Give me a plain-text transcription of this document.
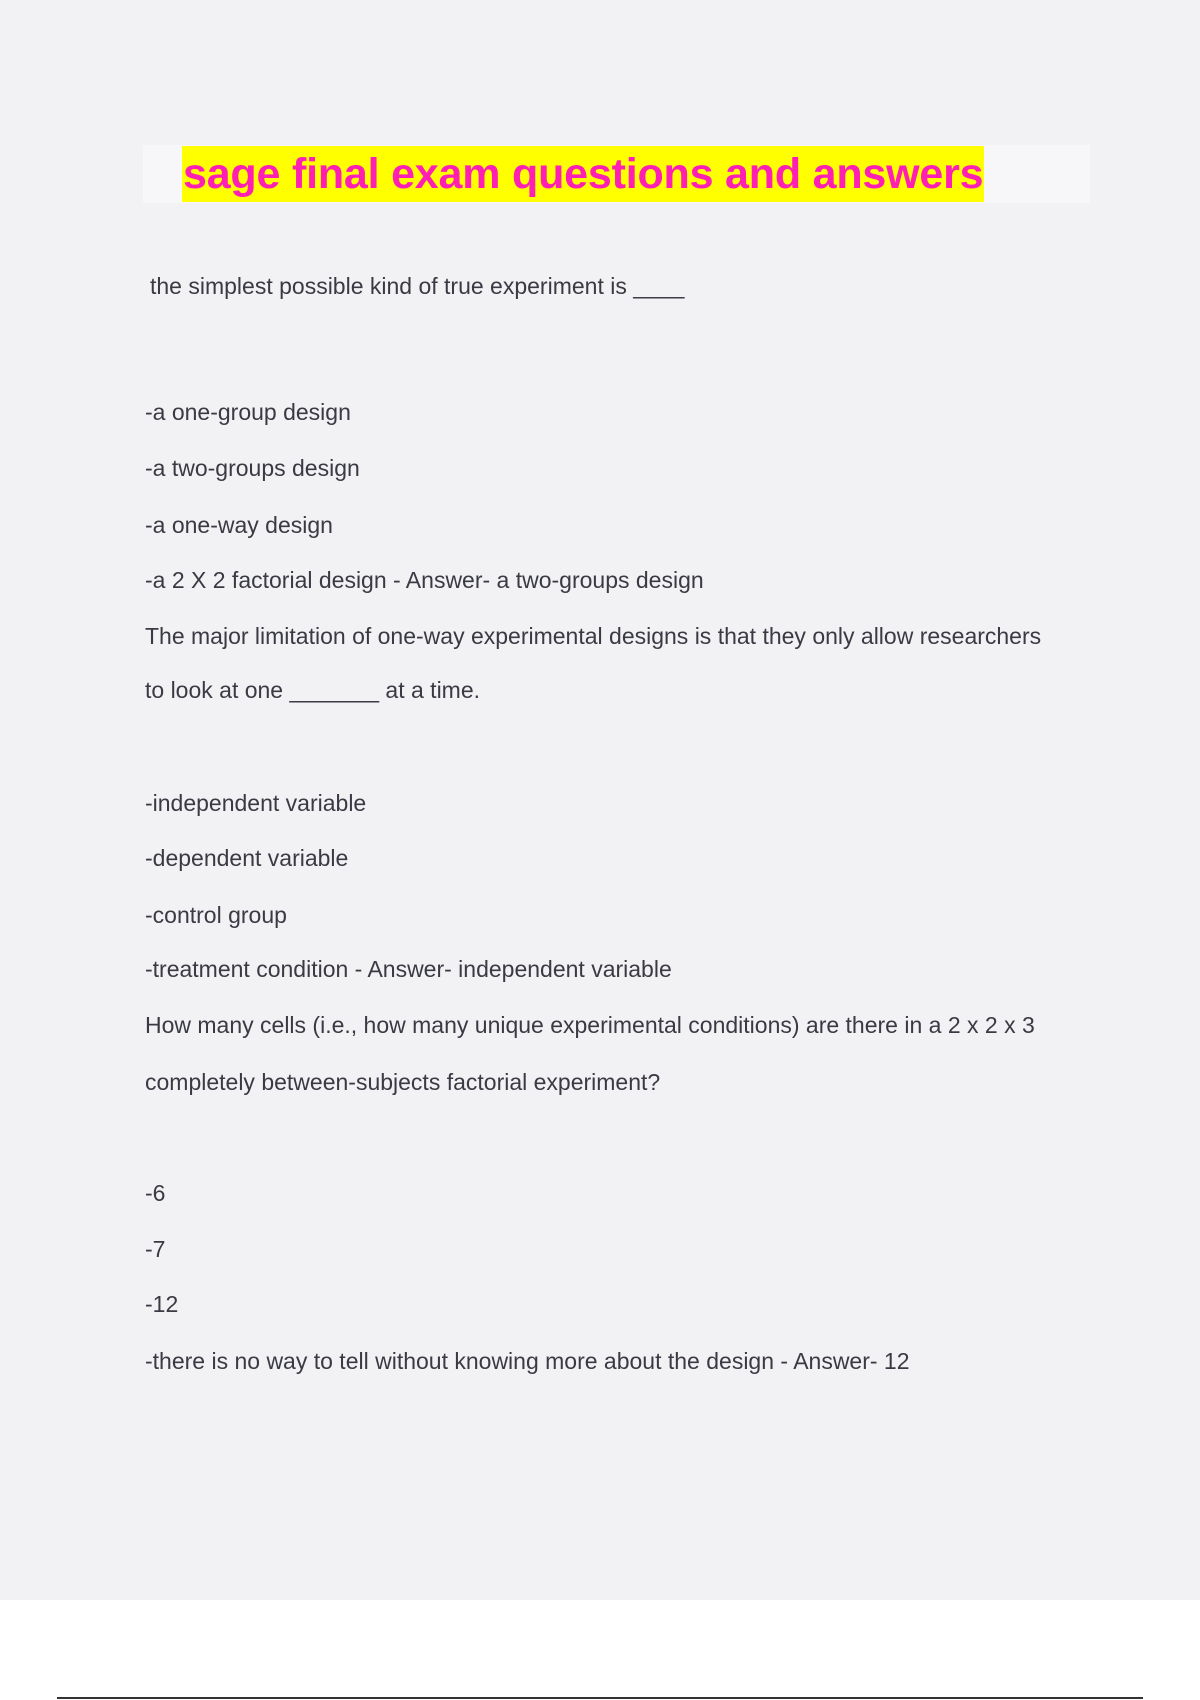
sage final exam questions and answers

the simplest possible kind of true experiment is ____

-a one-group design

-a two-groups design

-a one-way design

-a 2 X 2 factorial design - Answer- a two-groups design

The major limitation of one-way experimental designs is that they only allow researchers

to look at one _______ at a time.

-independent variable

-dependent variable

-control group

-treatment condition - Answer- independent variable

How many cells (i.e., how many unique experimental conditions) are there in a 2 x 2 x 3

completely between-subjects factorial experiment?

-6

-7

-12

-there is no way to tell without knowing more about the design - Answer- 12
